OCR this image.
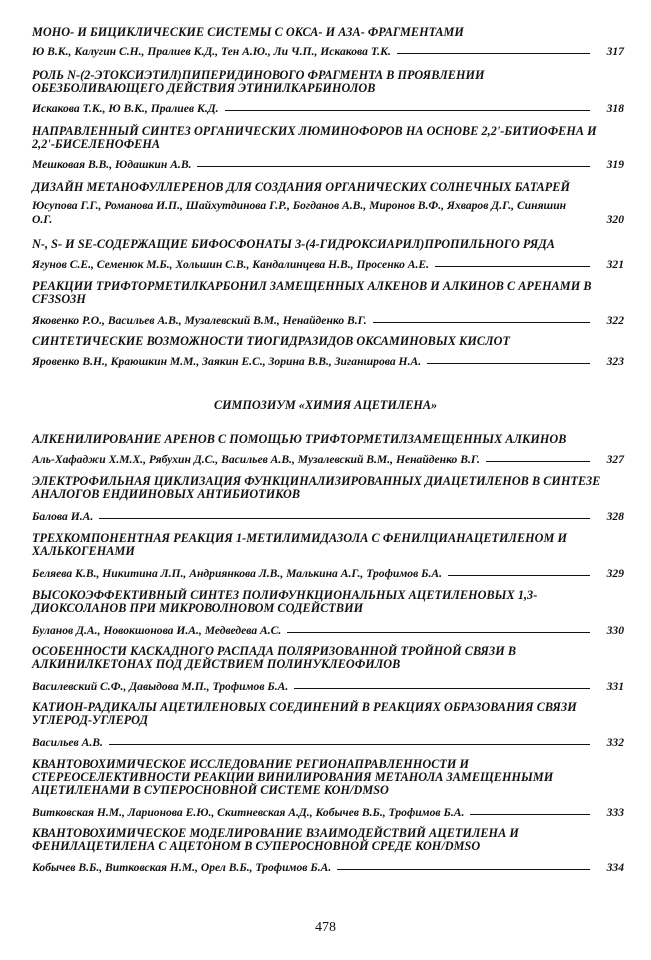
МОНО- И БИЦИКЛИЧЕСКИЕ СИСТЕМЫ С ОКСА- И АЗА- ФРАГМЕНТАМИ

Ю В.К., Калугин С.Н., Пралиев К.Д., Тен А.Ю., Ли Ч.П., Искакова Т.К.	317

РОЛЬ N-(2-ЭТОКСИЭТИЛ)ПИПЕРИДИНОВОГО ФРАГМЕНТА В ПРОЯВЛЕНИИ
ОБЕЗБОЛИВАЮЩЕГО ДЕЙСТВИЯ ЭТИНИЛКАРБИНОЛОВ

Искакова Т.К., Ю В.К., Пралиев К.Д.	318

НАПРАВЛЕННЫЙ СИНТЕЗ ОРГАНИЧЕСКИХ ЛЮМИНОФОРОВ НА ОСНОВЕ 2,2'-БИТИОФЕНА И
2,2'-БИСЕЛЕНОФЕНА

Мешковая В.В., Юдашкин А.В.	319

ДИЗАЙН МЕТАНОФУЛЛЕРЕНОВ ДЛЯ СОЗДАНИЯ ОРГАНИЧЕСКИХ СОЛНЕЧНЫХ БАТАРЕЙ

Юсупова Г.Г., Романова И.П., Шайхутдинова Г.Р., Богданов А.В., Миронов В.Ф., Яхваров Д.Г., Синяшин
О.Г.	320

N-, S- И SE-СОДЕРЖАЩИЕ БИФОСФОНАТЫ 3-(4-ГИДРОКСИАРИЛ)ПРОПИЛЬНОГО РЯДА

Ягунов С.Е., Семенюк М.Б., Хольшин С.В., Кандалинцева Н.В., Просенко А.Е.	321

РЕАКЦИИ ТРИФТОРМЕТИЛКАРБОНИЛ ЗАМЕЩЕННЫХ АЛКЕНОВ И АЛКИНОВ С АРЕНАМИ В
CF3SO3H

Яковенко Р.О., Васильев А.В., Музалевский В.М., Ненайденко В.Г.	322

СИНТЕТИЧЕСКИЕ ВОЗМОЖНОСТИ ТИОГИДРАЗИДОВ ОКСАМИНОВЫХ КИСЛОТ

Яровенко В.Н., Краюшкин М.М., Заякин Е.С., Зорина В.В., Зиганшрова Н.А.	323
СИМПОЗИУМ «ХИМИЯ АЦЕТИЛЕНА»

АЛКЕНИЛИРОВАНИЕ АРЕНОВ С ПОМОЩЬЮ ТРИФТОРМЕТИЛЗАМЕЩЕННЫХ АЛКИНОВ

Аль-Хафаджи Х.М.Х., Рябухин Д.С., Васильев А.В., Музалевский В.М., Ненайденко В.Г.	327

ЭЛЕКТРОФИЛЬНАЯ ЦИКЛИЗАЦИЯ ФУНКЦИНАЛИЗИРОВАННЫХ ДИАЦЕТИЛЕНОВ В СИНТЕЗЕ
АНАЛОГОВ ЕНДИИНОВЫХ АНТИБИОТИКОВ

Балова И.А.	328

ТРЕХКОМПОНЕНТНАЯ РЕАКЦИЯ 1-МЕТИЛИМИДАЗОЛА С ФЕНИЛЦИАНАЦЕТИЛЕНОМ И
ХАЛЬКОГЕНАМИ

Беляева К.В., Никитина Л.П., Андриянкова Л.В., Малькина А.Г., Трофимов Б.А.	329

ВЫСОКОЭФФЕКТИВНЫЙ СИНТЕЗ ПОЛИФУНКЦИОНАЛЬНЫХ АЦЕТИЛЕНОВЫХ 1,3-
ДИОКСОЛАНОВ ПРИ МИКРОВОЛНОВОМ СОДЕЙСТВИИ

Буланов Д.А., Новокшонова И.А., Медведева А.С.	330

ОСОБЕННОСТИ КАСКАДНОГО РАСПАДА ПОЛЯРИЗОВАННОЙ ТРОЙНОЙ СВЯЗИ В
АЛКИНИЛКЕТОНАХ ПОД ДЕЙСТВИЕМ ПОЛИНУКЛЕОФИЛОВ

Василевский С.Ф., Давыдова М.П., Трофимов Б.А.	331

КАТИОН-РАДИКАЛЫ АЦЕТИЛЕНОВЫХ СОЕДИНЕНИЙ В РЕАКЦИЯХ ОБРАЗОВАНИЯ СВЯЗИ
УГЛЕРОД-УГЛЕРОД

Васильев А.В.	332

КВАНТОВОХИМИЧЕСКОЕ ИССЛЕДОВАНИЕ РЕГИОНАПРАВЛЕННОСТИ И
СТЕРЕОСЕЛЕКТИВНОСТИ РЕАКЦИИ ВИНИЛИРОВАНИЯ МЕТАНОЛА ЗАМЕЩЕННЫМИ
АЦЕТИЛЕНАМИ В СУПЕРОСНОВНОЙ СИСТЕМЕ КОН/DMSO

Витковская Н.М., Ларионова Е.Ю., Скитневская А.Д., Кобычев В.Б., Трофимов Б.А.	333

КВАНТОВОХИМИЧЕСКОЕ МОДЕЛИРОВАНИЕ ВЗАИМОДЕЙСТВИЙ АЦЕТИЛЕНА И
ФЕНИЛАЦЕТИЛЕНА С АЦЕТОНОМ В СУПЕРОСНОВНОЙ СРЕДЕ КОН/DMSO

Кобычев В.Б., Витковская Н.М., Орел В.Б., Трофимов Б.А.	334
478
